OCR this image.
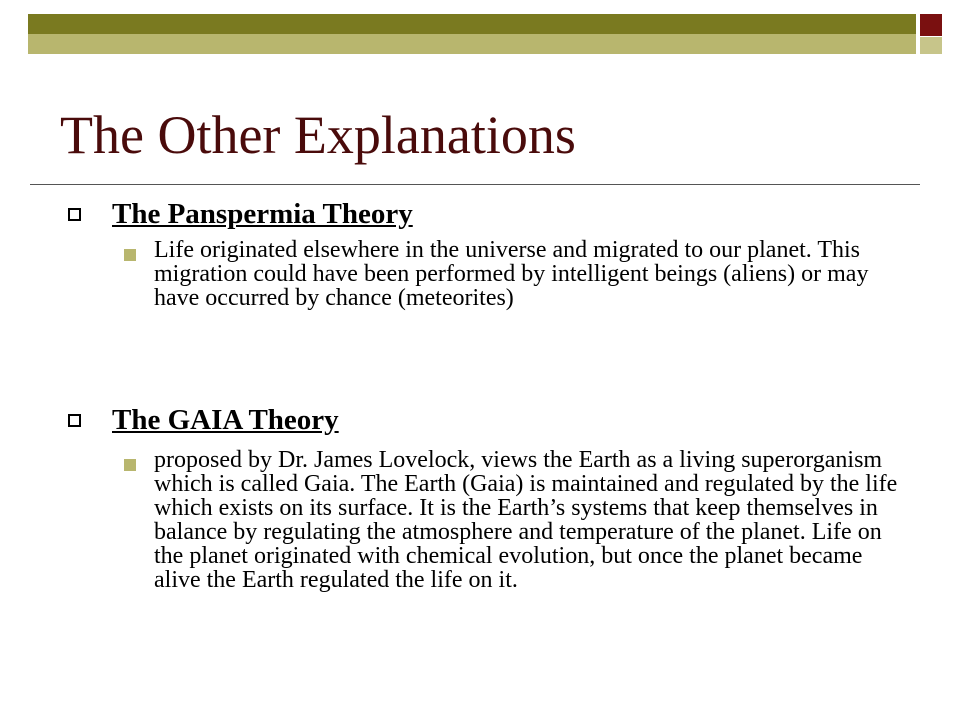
The Other Explanations
The Panspermia Theory
Life originated elsewhere in the universe and migrated to our planet. This migration could have been performed by intelligent beings (aliens) or may have occurred by chance (meteorites)
The GAIA Theory
proposed by Dr. James Lovelock, views the Earth as a living superorganism which is called Gaia. The Earth (Gaia) is maintained and regulated by the life which exists on its surface. It is the Earth’s systems that keep themselves in balance by regulating the atmosphere and temperature of the planet. Life on the planet originated with chemical evolution, but once the planet became alive the Earth regulated the life on it.
